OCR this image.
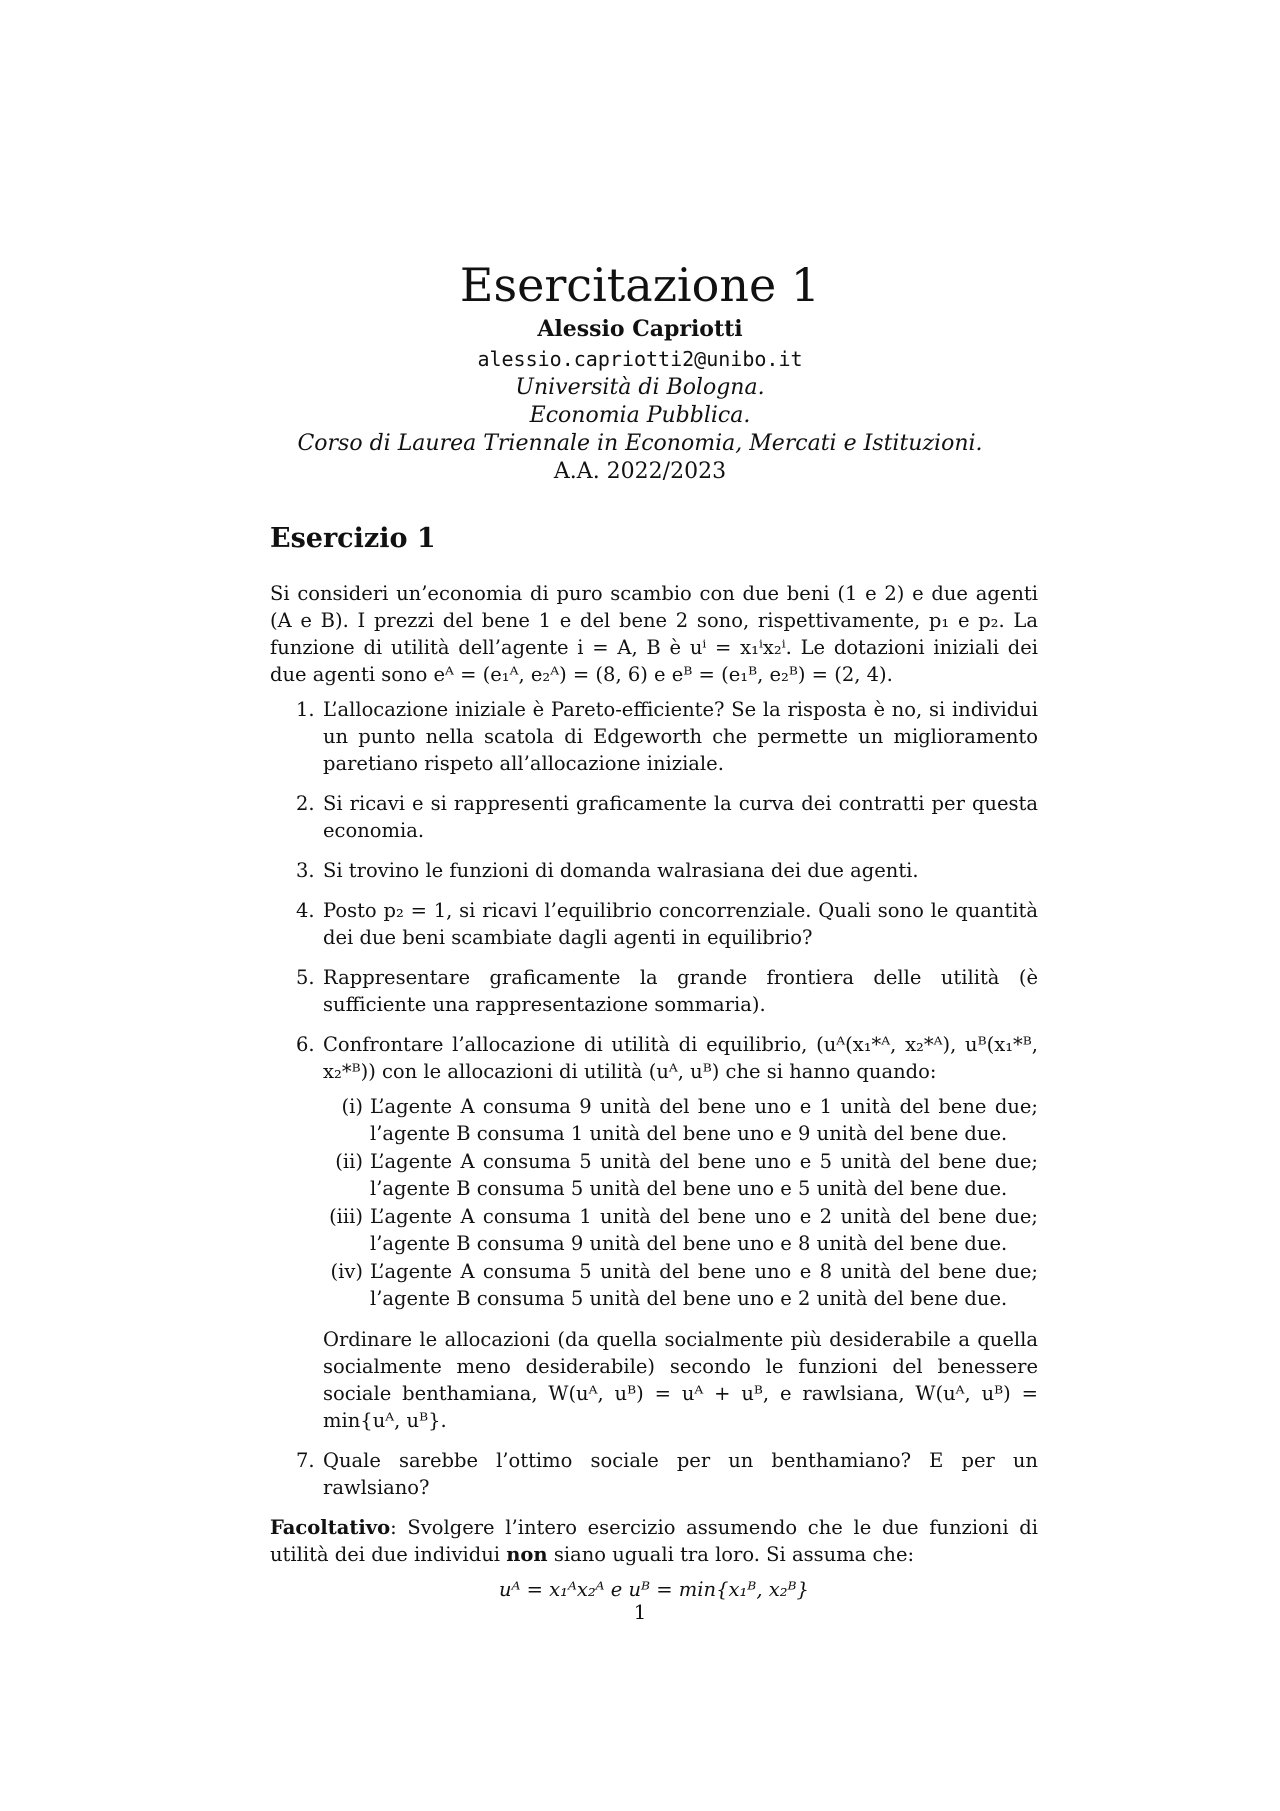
Esercitazione 1
Alessio Capriotti
alessio.capriotti2@unibo.it
Università di Bologna.
Economia Pubblica.
Corso di Laurea Triennale in Economia, Mercati e Istituzioni.
A.A. 2022/2023
Esercizio 1

Si consideri un’economia di puro scambio con due beni (1 e 2) e due agenti (A e B). I prezzi del bene 1 e del bene 2 sono, rispettivamente, p₁ e p₂. La funzione di utilità dell’agente i = A, B è uⁱ = x₁ⁱx₂ⁱ. Le dotazioni iniziali dei due agenti sono eᴬ = (e₁ᴬ, e₂ᴬ) = (8, 6) e eᴮ = (e₁ᴮ, e₂ᴮ) = (2, 4).

1. L’allocazione iniziale è Pareto-efficiente? Se la risposta è no, si individui un punto nella scatola di Edgeworth che permette un miglioramento paretiano rispeto all’allocazione iniziale.
2. Si ricavi e si rappresenti graficamente la curva dei contratti per questa economia.
3. Si trovino le funzioni di domanda walrasiana dei due agenti.
4. Posto p₂ = 1, si ricavi l’equilibrio concorrenziale. Quali sono le quantità dei due beni scambiate dagli agenti in equilibrio?
5. Rappresentare graficamente la grande frontiera delle utilità (è sufficiente una rappresentazione sommaria).
6. Confrontare l’allocazione di utilità di equilibrio, (uᴬ(x₁*ᴬ, x₂*ᴬ), uᴮ(x₁*ᴮ, x₂*ᴮ)) con le allocazioni di utilità (uᴬ, uᴮ) che si hanno quando:
(i) L’agente A consuma 9 unità del bene uno e 1 unità del bene due; l’agente B consuma 1 unità del bene uno e 9 unità del bene due.
(ii) L’agente A consuma 5 unità del bene uno e 5 unità del bene due; l’agente B consuma 5 unità del bene uno e 5 unità del bene due.
(iii) L’agente A consuma 1 unità del bene uno e 2 unità del bene due; l’agente B consuma 9 unità del bene uno e 8 unità del bene due.
(iv) L’agente A consuma 5 unità del bene uno e 8 unità del bene due; l’agente B consuma 5 unità del bene uno e 2 unità del bene due.

Ordinare le allocazioni (da quella socialmente più desiderabile a quella socialmente meno desiderabile) secondo le funzioni del benessere sociale benthamiana, W(uᴬ, uᴮ) = uᴬ + uᴮ, e rawlsiana, W(uᴬ, uᴮ) = min{uᴬ, uᴮ}.

7. Quale sarebbe l’ottimo sociale per un benthamiano? E per un rawlsiano?

Facoltativo: Svolgere l’intero esercizio assumendo che le due funzioni di utilità dei due individui non siano uguali tra loro. Si assuma che:

uᴬ = x₁ᴬx₂ᴬ e uᴮ = min{x₁ᴮ, x₂ᴮ}

1
